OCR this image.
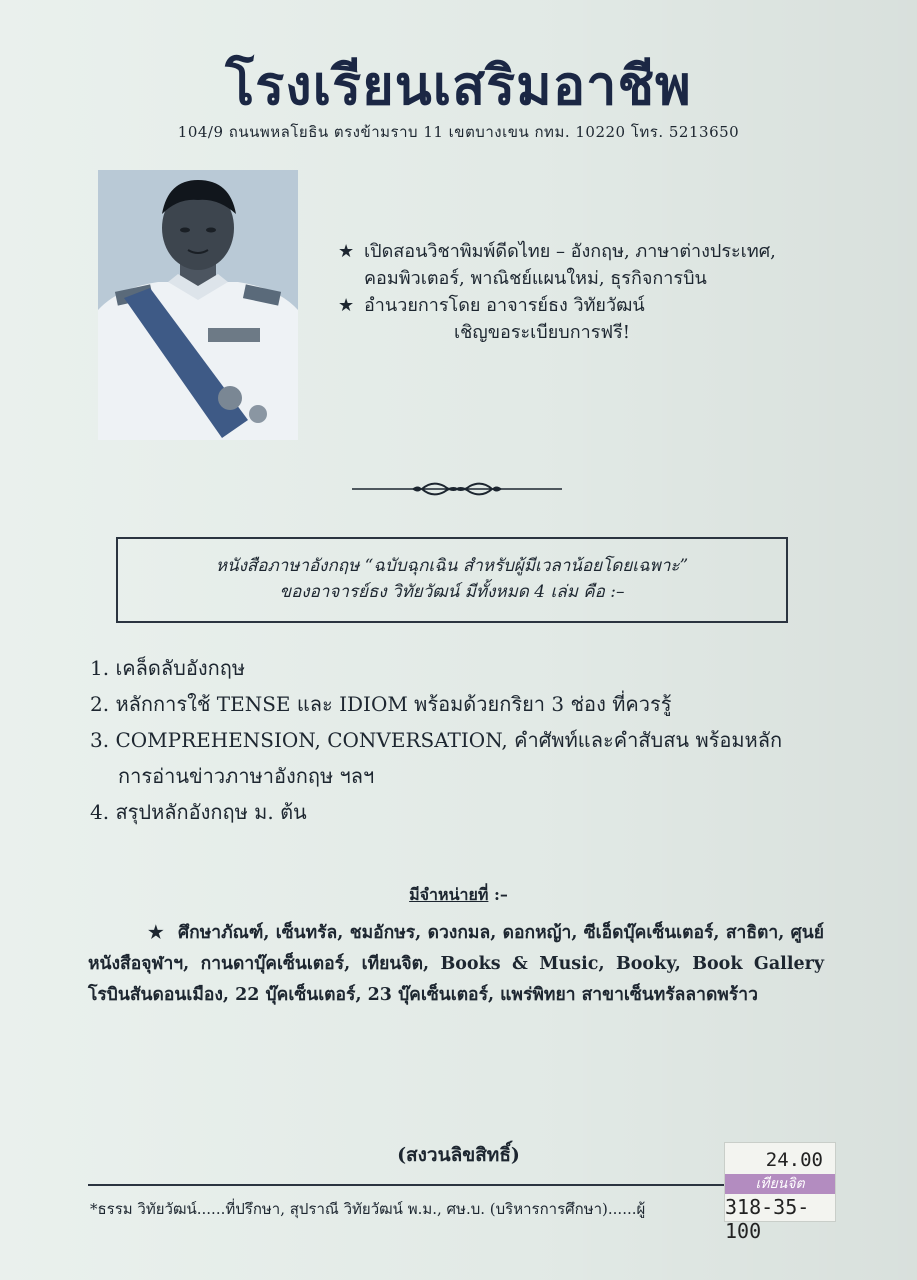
โรงเรียนเสริมอาชีพ
104/9 ถนนพหลโยธิน ตรงข้ามราบ 11 เขตบางเขน กทม. 10220 โทร. 5213650
★ เปิดสอนวิชาพิมพ์ดีดไทย – อังกฤษ, ภาษาต่างประเทศ,
คอมพิวเตอร์, พาณิชย์แผนใหม่, ธุรกิจการบิน
★ อำนวยการโดย อาจารย์ธง วิทัยวัฒน์
เชิญขอระเบียบการฟรี!
หนังสือภาษาอังกฤษ “ฉบับฉุกเฉิน สำหรับผู้มีเวลาน้อยโดยเฉพาะ”
ของอาจารย์ธง วิทัยวัฒน์ มีทั้งหมด 4 เล่ม คือ :–
1. เคล็ดลับอังกฤษ
2. หลักการใช้ TENSE และ IDIOM พร้อมด้วยกริยา 3 ช่อง ที่ควรรู้
3. COMPREHENSION, CONVERSATION, คำศัพท์และคำสับสน พร้อมหลัก
การอ่านข่าวภาษาอังกฤษ ฯลฯ
4. สรุปหลักอังกฤษ ม. ต้น
มีจำหน่ายที่ :–
★ ศึกษาภัณฑ์, เซ็นทรัล, ชมอักษร, ดวงกมล, ดอกหญ้า, ซีเอ็ดบุ๊คเซ็นเตอร์, สาธิตา, ศูนย์หนังสือจุฬาฯ, กานดาบุ๊คเซ็นเตอร์, เทียนจิต, Books & Music, Booky, Book Gallery โรบินสันดอนเมือง, 22 บุ๊คเซ็นเตอร์, 23 บุ๊คเซ็นเตอร์, แพร่พิทยา สาขาเซ็นทรัลลาดพร้าว
(สงวนลิขสิทธิ์)
*ธรรม วิทัยวัฒน์......ที่ปรึกษา, สุปราณี วิทัยวัฒน์ พ.ม., ศษ.บ. (บริหารการศึกษา)......ผู้
24.00
เทียนจิต
318-35-100
